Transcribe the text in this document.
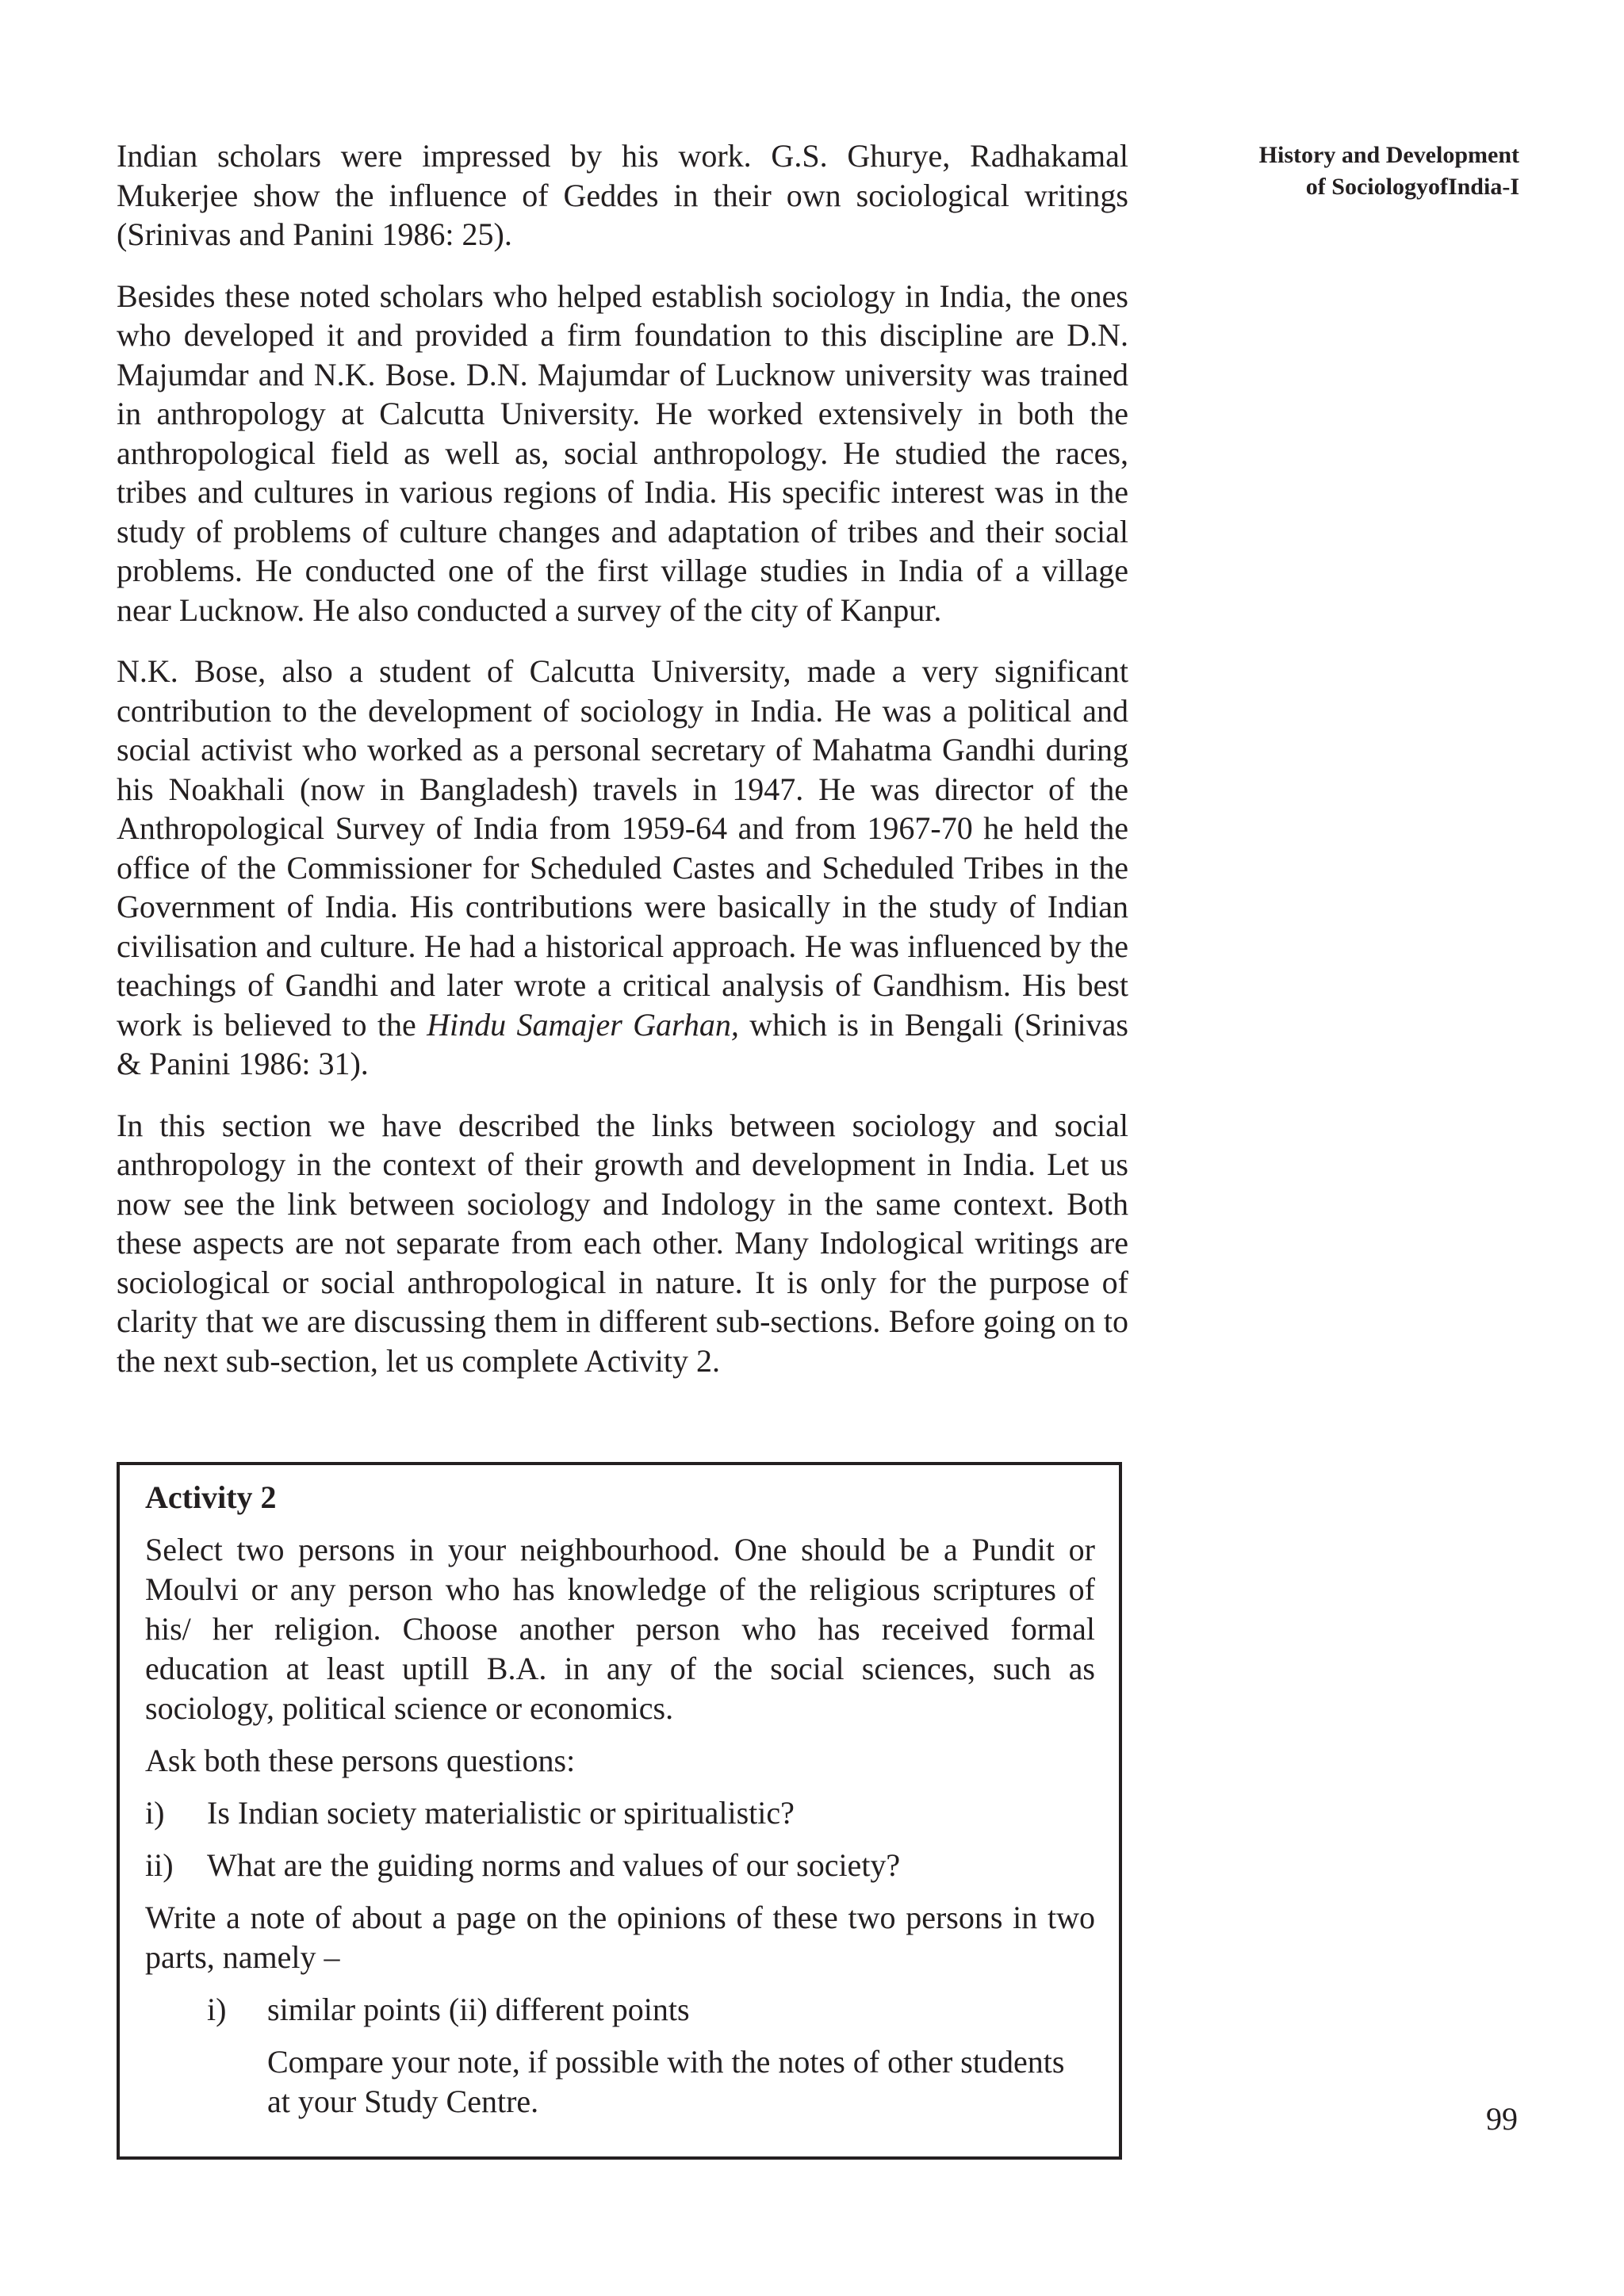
History and Development
of SociologyofIndia-I

Indian scholars were impressed by his work. G.S. Ghurye, Radhakamal Mukerjee show the influence of Geddes in their own sociological writings (Srinivas and Panini 1986: 25).

Besides these noted scholars who helped establish sociology in India, the ones who developed it and provided a firm foundation to this discipline are D.N. Majumdar and N.K. Bose. D.N. Majumdar of Lucknow university was trained in anthropology at Calcutta University. He worked extensively in both the anthropological field as well as, social anthropology. He studied the races, tribes and cultures in various regions of India. His specific interest was in the study of problems of culture changes and adaptation of tribes and their social problems. He conducted one of the first village studies in India of a village near Lucknow. He also conducted a survey of the city of Kanpur.

N.K. Bose, also a student of Calcutta University, made a very significant contribution to the development of sociology in India. He was a political and social activist who worked as a personal secretary of Mahatma Gandhi during his Noakhali (now in Bangladesh) travels in 1947. He was director of the Anthropological Survey of India from 1959-64 and from 1967-70 he held the office of the Commissioner for Scheduled Castes and Scheduled Tribes in the Government of India. His contributions were basically in the study of Indian civilisation and culture. He had a historical approach. He was influenced by the teachings of Gandhi and later wrote a critical analysis of Gandhism. His best work is believed to the Hindu Samajer Garhan, which is in Bengali (Srinivas & Panini 1986: 31).

In this section we have described the links between sociology and social anthropology in the context of their growth and development in India. Let us now see the link between sociology and Indology in the same context. Both these aspects are not separate from each other. Many Indological writings are sociological or social anthropological in nature. It is only for the purpose of clarity that we are discussing them in different sub-sections. Before going on to the next sub-section, let us complete Activity 2.

Activity 2
Select two persons in your neighbourhood. One should be a Pundit or Moulvi or any person who has knowledge of the religious scriptures of his/ her religion. Choose another person who has received formal education at least uptill B.A. in any of the social sciences, such as sociology, political science or economics.
Ask both these persons questions:
i)	Is Indian society materialistic or spiritualistic?
ii)	What are the guiding norms and values of our society?
Write a note of about a page on the opinions of these two persons in two parts, namely –
i)	similar points (ii) different points
Compare your note, if possible with the notes of other students at your Study Centre.	99
